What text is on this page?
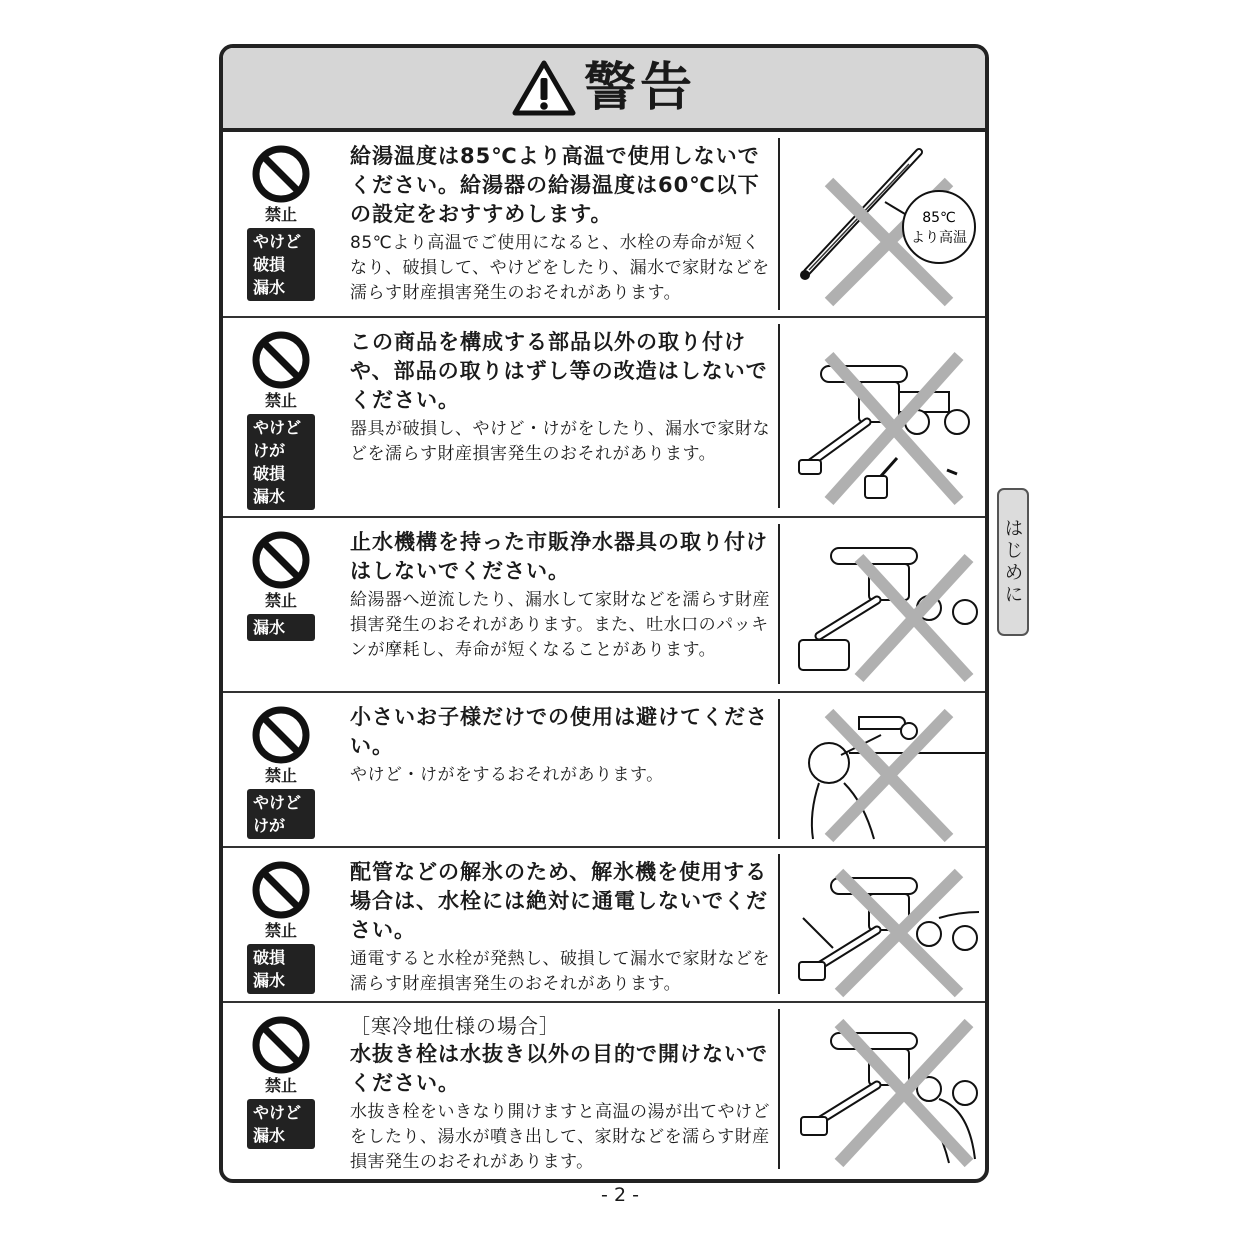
警告
禁止
やけど
破損
漏水
給湯温度は85℃より高温で使用しないでください。給湯器の給湯温度は60℃以下の設定をおすすめします。
85℃より高温でご使用になると、水栓の寿命が短くなり、破損して、やけどをしたり、漏水で家財などを濡らす財産損害発生のおそれがあります。
85℃
より高温
禁止
やけど
けが
破損
漏水
この商品を構成する部品以外の取り付けや、部品の取りはずし等の改造はしないでください。
器具が破損し、やけど・けがをしたり、漏水で家財などを濡らす財産損害発生のおそれがあります。
禁止
漏水
止水機構を持った市販浄水器具の取り付けはしないでください。
給湯器へ逆流したり、漏水して家財などを濡らす財産損害発生のおそれがあります。また、吐水口のパッキンが摩耗し、寿命が短くなることがあります。
禁止
やけど
けが
小さいお子様だけでの使用は避けてください。
やけど・けがをするおそれがあります。
禁止
破損
漏水
配管などの解氷のため、解氷機を使用する場合は、水栓には絶対に通電しないでください。
通電すると水栓が発熱し、破損して漏水で家財などを濡らす財産損害発生のおそれがあります。
禁止
やけど
漏水
［寒冷地仕様の場合］
水抜き栓は水抜き以外の目的で開けないでください。
水抜き栓をいきなり開けますと高温の湯が出てやけどをしたり、湯水が噴き出して、家財などを濡らす財産損害発生のおそれがあります。
はじめに
- 2 -
